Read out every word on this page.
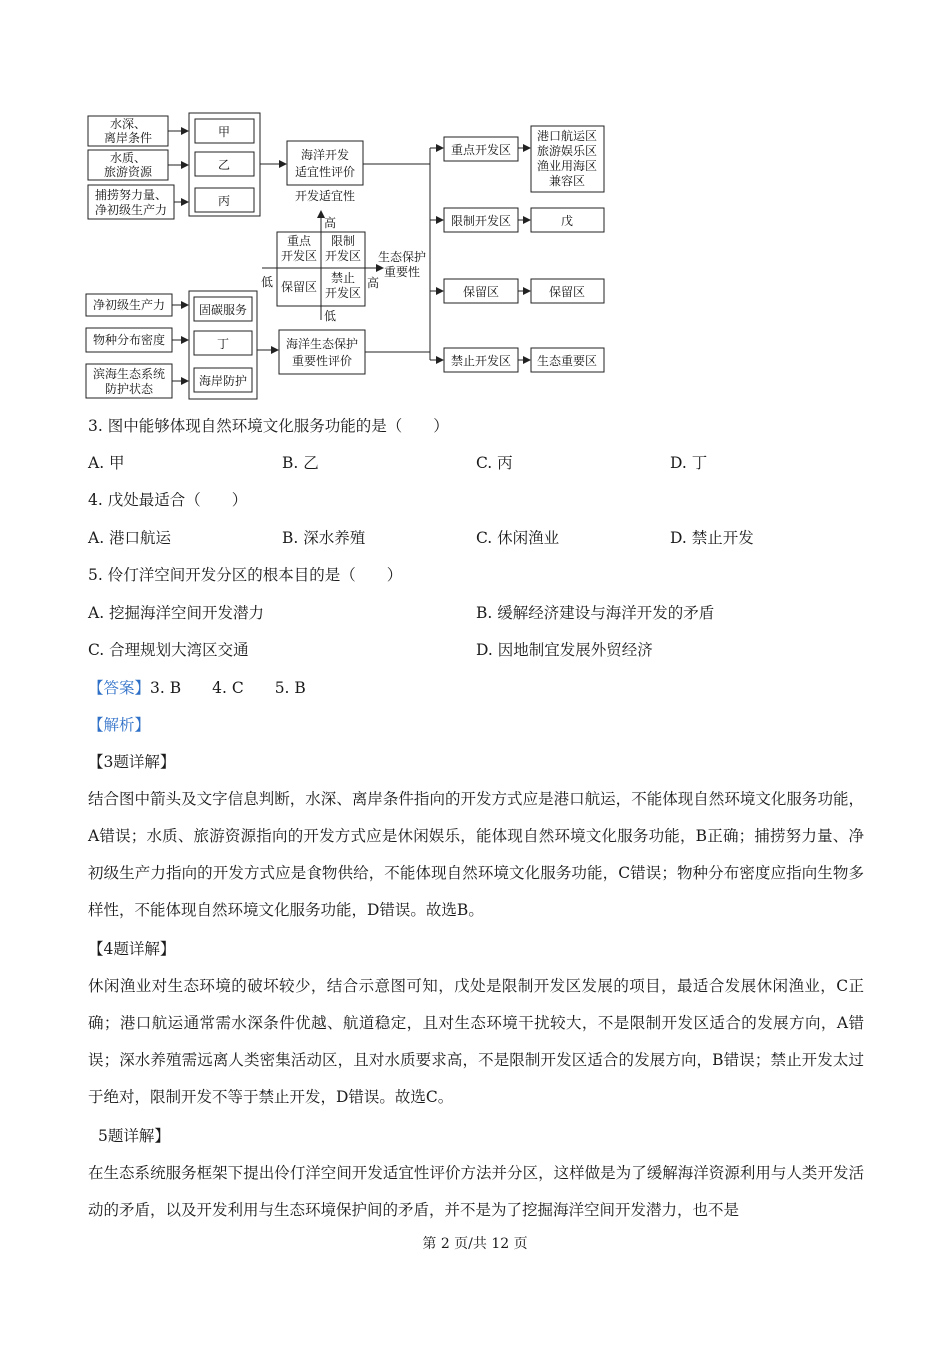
水深、
离岸条件
水质、
旅游资源
捕捞努力量、
净初级生产力
甲
乙
丙
海洋开发
适宜性评价
开发适宜性
高
低
低	高
重点
开发区
限制
开发区
保留区
禁止
开发区
生态保护
重要性
净初级生产力
物种分布密度
滨海生态系统
防护状态
固碳服务
丁
海岸防护
海洋生态保护
重要性评价
重点开发区
限制开发区
保留区
禁止开发区
港口航运区
旅游娱乐区
渔业用海区
兼容区
戊
保留区
生态重要区
3. 图中能够体现自然环境文化服务功能的是（　　）
A. 甲	B. 乙	C. 丙	D. 丁
4. 戊处最适合（　　）
A. 港口航运	B. 深水养殖	C. 休闲渔业	D. 禁止开发
5. 伶仃洋空间开发分区的根本目的是（　　）
A. 挖掘海洋空间开发潜力	B. 缓解经济建设与海洋开发的矛盾
C. 合理规划大湾区交通	D. 因地制宜发展外贸经济
【答案】3. B　　4. C　　5. B
【解析】
【3题详解】
结合图中箭头及文字信息判断，水深、离岸条件指向的开发方式应是港口航运，不能体现自然环境文化服务功能，A错误；水质、旅游资源指向的开发方式应是休闲娱乐，能体现自然环境文化服务功能，B正确；捕捞努力量、净初级生产力指向的开发方式应是食物供给，不能体现自然环境文化服务功能，C错误；物种分布密度应指向生物多样性，不能体现自然环境文化服务功能，D错误。故选B。
【4题详解】
休闲渔业对生态环境的破坏较少，结合示意图可知，戊处是限制开发区发展的项目，最适合发展休闲渔业，C正确；港口航运通常需水深条件优越、航道稳定，且对生态环境干扰较大，不是限制开发区适合的发展方向，A错误；深水养殖需远离人类密集活动区，且对水质要求高，不是限制开发区适合的发展方向，B错误；禁止开发太过于绝对，限制开发不等于禁止开发，D错误。故选C。
5题详解】
在生态系统服务框架下提出伶仃洋空间开发适宜性评价方法并分区，这样做是为了缓解海洋资源利用与人类开发活动的矛盾，以及开发利用与生态环境保护间的矛盾，并不是为了挖掘海洋空间开发潜力，也不是
第 2 页/共 12 页
